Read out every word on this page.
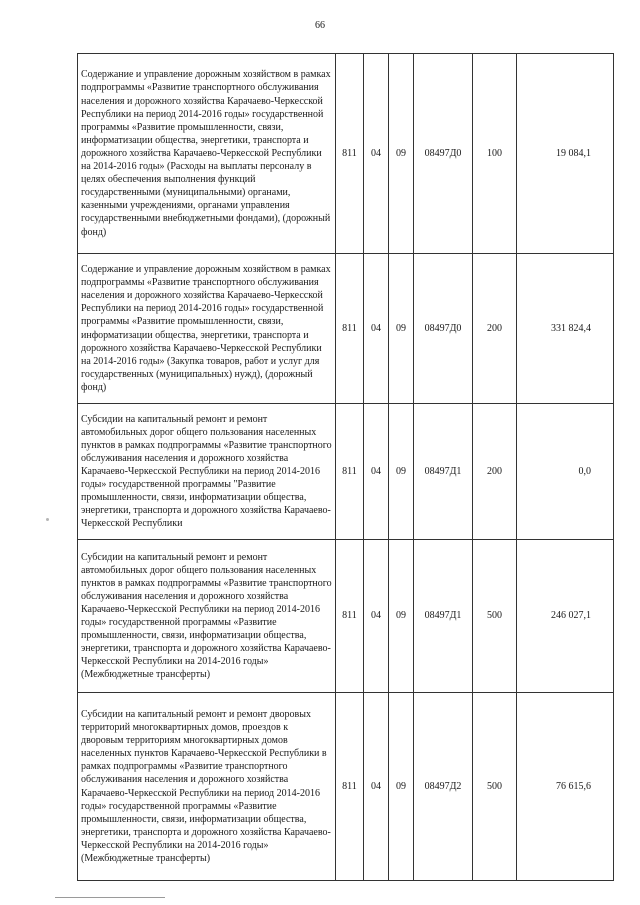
66
Содержание и управление дорожным хозяйством в рамках подпрограммы «Развитие транспортного обслуживания населения и дорожного хозяйства Карачаево-Черкесской Республики на период 2014-2016 годы» государственной программы «Развитие промышленности, связи, информатизации общества, энергетики, транспорта и дорожного хозяйства Карачаево-Черкесской Республики на 2014-2016 годы» (Расходы на выплаты персоналу в целях обеспечения выполнения функций государственными (муниципальными) органами, казенными учреждениями, органами управления государственными внебюджетными фондами), (дорожный фонд)	811	04	09	08497Д0	100	19 084,1
Содержание и управление дорожным хозяйством в рамках подпрограммы «Развитие транспортного обслуживания населения и дорожного хозяйства Карачаево-Черкесской Республики на период 2014-2016 годы» государственной программы «Развитие промышленности, связи, информатизации общества, энергетики, транспорта и дорожного хозяйства Карачаево-Черкесской Республики на 2014-2016 годы» (Закупка товаров, работ и услуг для государственных (муниципальных) нужд), (дорожный фонд)	811	04	09	08497Д0	200	331 824,4
Субсидии на капитальный ремонт и ремонт автомобильных дорог общего пользования населенных пунктов в рамках подпрограммы «Развитие транспортного обслуживания населения и дорожного хозяйства Карачаево-Черкесской Республики на период 2014-2016 годы» государственной программы "Развитие промышленности, связи, информатизации общества, энергетики, транспорта и дорожного хозяйства Карачаево-Черкесской Республики	811	04	09	08497Д1	200	0,0
Субсидии на капитальный ремонт и ремонт автомобильных дорог общего пользования населенных пунктов в рамках подпрограммы «Развитие транспортного обслуживания населения и дорожного хозяйства Карачаево-Черкесской Республики на период 2014-2016 годы» государственной программы «Развитие промышленности, связи, информатизации общества, энергетики, транспорта и дорожного хозяйства Карачаево-Черкесской Республики на 2014-2016 годы» (Межбюджетные трансферты)	811	04	09	08497Д1	500	246 027,1
Субсидии на капитальный ремонт и ремонт дворовых территорий многоквартирных домов, проездов к дворовым территориям многоквартирных домов населенных пунктов Карачаево-Черкесской Республики в рамках подпрограммы «Развитие транспортного обслуживания населения и дорожного хозяйства Карачаево-Черкесской Республики на период 2014-2016 годы» государственной программы «Развитие промышленности, связи, информатизации общества, энергетики, транспорта и дорожного хозяйства Карачаево-Черкесской Республики на 2014-2016 годы» (Межбюджетные трансферты)	811	04	09	08497Д2	500	76 615,6
